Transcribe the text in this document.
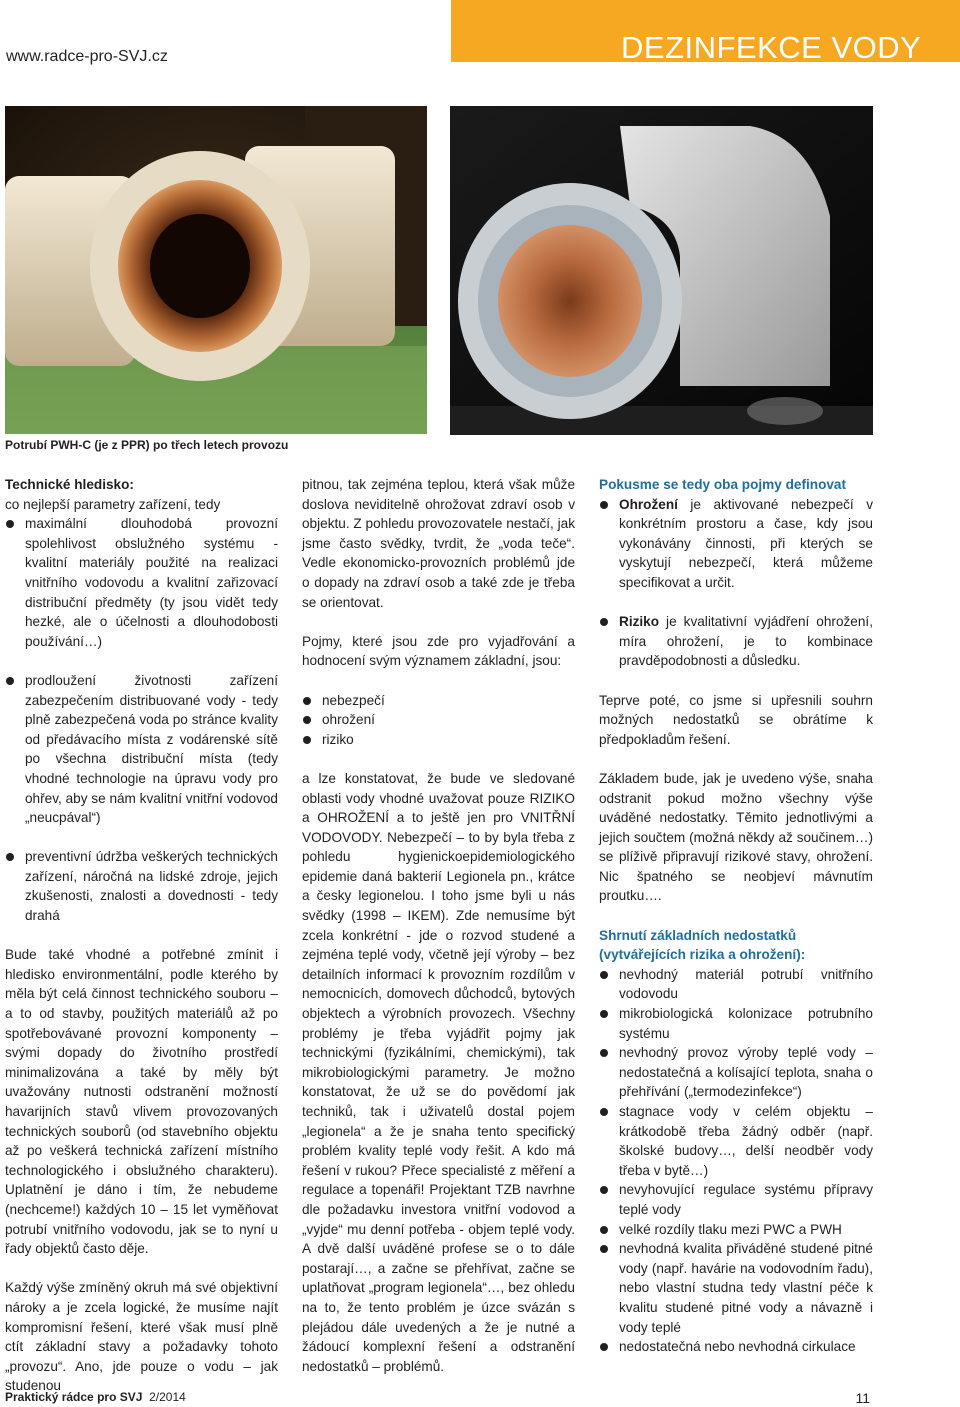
www.radce-pro-SVJ.cz	DEZINFEKCE VODY
Potrubí PWH-C (je z PPR) po třech letech provozu

Technické hledisko:

co nejlepší parametry zařízení, tedy

maximální dlouhodobá provozní spolehlivost obslužného systému - kvalitní materiály použité na realizaci vnitřního vodovodu a kvalitní zařizovací distribuční předměty (ty jsou vidět tedy hezké, ale o účelnosti a dlouhodobosti používání…)

prodloužení životnosti zařízení zabezpečením distribuované vody - tedy plně zabezpečená voda po stránce kvality od předávacího místa z vodárenské sítě po všechna distribuční místa (tedy vhodné technologie na úpravu vody pro ohřev, aby se nám kvalitní vnitřní vodovod „neucpával“)

preventivní údržba veškerých technických zařízení, náročná na lidské zdroje, jejich zkušenosti, znalosti a dovednosti - tedy drahá

Bude také vhodné a potřebné zmínit i hledisko environmentální, podle kterého by měla být celá činnost technického souboru – a to od stavby, použitých materiálů až po spotřebovávané provozní komponenty – svými dopady do životního prostředí minimalizována a také by měly být uvažovány nutnosti odstranění možností havarijních stavů vlivem provozovaných technických souborů (od stavebního objektu až po veškerá technická zařízení místního technologického i obslužného charakteru). Uplatnění je dáno i tím, že nebudeme (nechceme!) každých 10 – 15 let vyměňovat potrubí vnitřního vodovodu, jak se to nyní u řady objektů často děje.

Každý výše zmíněný okruh má své objektivní nároky a je zcela logické, že musíme najít kompromisní řešení, které však musí plně ctít základní stavy a požadavky tohoto „provozu“. Ano, jde pouze o vodu – jak studenou

pitnou, tak zejména teplou, která však může doslova neviditelně ohrožovat zdraví osob v objektu. Z pohledu provozovatele nestačí, jak jsme často svědky, tvrdit, že „voda teče“. Vedle ekonomicko-provozních problémů jde o dopady na zdraví osob a také zde je třeba se orientovat.

Pojmy, které jsou zde pro vyjadřování a hodnocení svým významem základní, jsou:

nebezpečí

ohrožení

riziko

a lze konstatovat, že bude ve sledované oblasti vody vhodné uvažovat pouze RIZIKO a OHROŽENÍ a to ještě jen pro VNITŘNÍ VODOVODY. Nebezpečí – to by byla třeba z pohledu hygienickoepidemiologického epidemie daná bakterií Legionela pn., krátce a česky legionelou. I toho jsme byli u nás svědky (1998 – IKEM). Zde nemusíme být zcela konkrétní - jde o rozvod studené a zejména teplé vody, včetně její výroby – bez detailních informací k provozním rozdílům v nemocnicích, domovech důchodců, bytových objektech a výrobních provozech. Všechny problémy je třeba vyjádřit pojmy jak technickými (fyzikálními, chemickými), tak mikrobiologickými parametry. Je možno konstatovat, že už se do povědomí jak techniků, tak i uživatelů dostal pojem „legionela“ a že je snaha tento specifický problém kvality teplé vody řešit. A kdo má řešení v rukou? Přece specialisté z měření a regulace a topenáři! Projektant TZB navrhne dle požadavku investora vnitřní vodovod a „vyjde“ mu denní potřeba - objem teplé vody. A dvě další uváděné profese se o to dále postarají…, a začne se přehřívat, začne se uplatňovat „program legionela“…, bez ohledu na to, že tento problém je úzce svázán s plejádou dále uvedených a že je nutné a žádoucí komplexní řešení a odstranění nedostatků – problémů.

Pokusme se tedy oba pojmy definovat

Ohrožení je aktivované nebezpečí v konkrétním prostoru a čase, kdy jsou vykonávány činnosti, při kterých se vyskytují nebezpečí, která můžeme specifikovat a určit.

Riziko je kvalitativní vyjádření ohrožení, míra ohrožení, je to kombinace pravděpodobnosti a důsledku.

Teprve poté, co jsme si upřesnili souhrn možných nedostatků se obrátíme k předpokladům řešení.

Základem bude, jak je uvedeno výše, snaha odstranit pokud možno všechny výše uváděné nedostatky. Těmito jednotlivými a jejich součtem (možná někdy až součinem…) se plíživě připravují rizikové stavy, ohrožení. Nic špatného se neobjeví mávnutím proutku….

Shrnutí základních nedostatků (vytvářejících rizika a ohrožení):

nevhodný materiál potrubí vnitřního vodovodu

mikrobiologická kolonizace potrubního systému

nevhodný provoz výroby teplé vody – nedostatečná a kolísající teplota, snaha o přehřívání („termodezinfekce“)

stagnace vody v celém objektu – krátkodobě třeba žádný odběr (např. školské budovy…, delší neodběr vody třeba v bytě…)

nevyhovující regulace systému přípravy teplé vody

velké rozdíly tlaku mezi PWC a PWH

nevhodná kvalita přiváděné studené pitné vody (např. havárie na vodovodním řadu), nebo vlastní studna tedy vlastní péče k kvalitu studené pitné vody a návazně i vody teplé

nedostatečná nebo nevhodná cirkulace

Praktický rádce pro SVJ 2/2014	11
